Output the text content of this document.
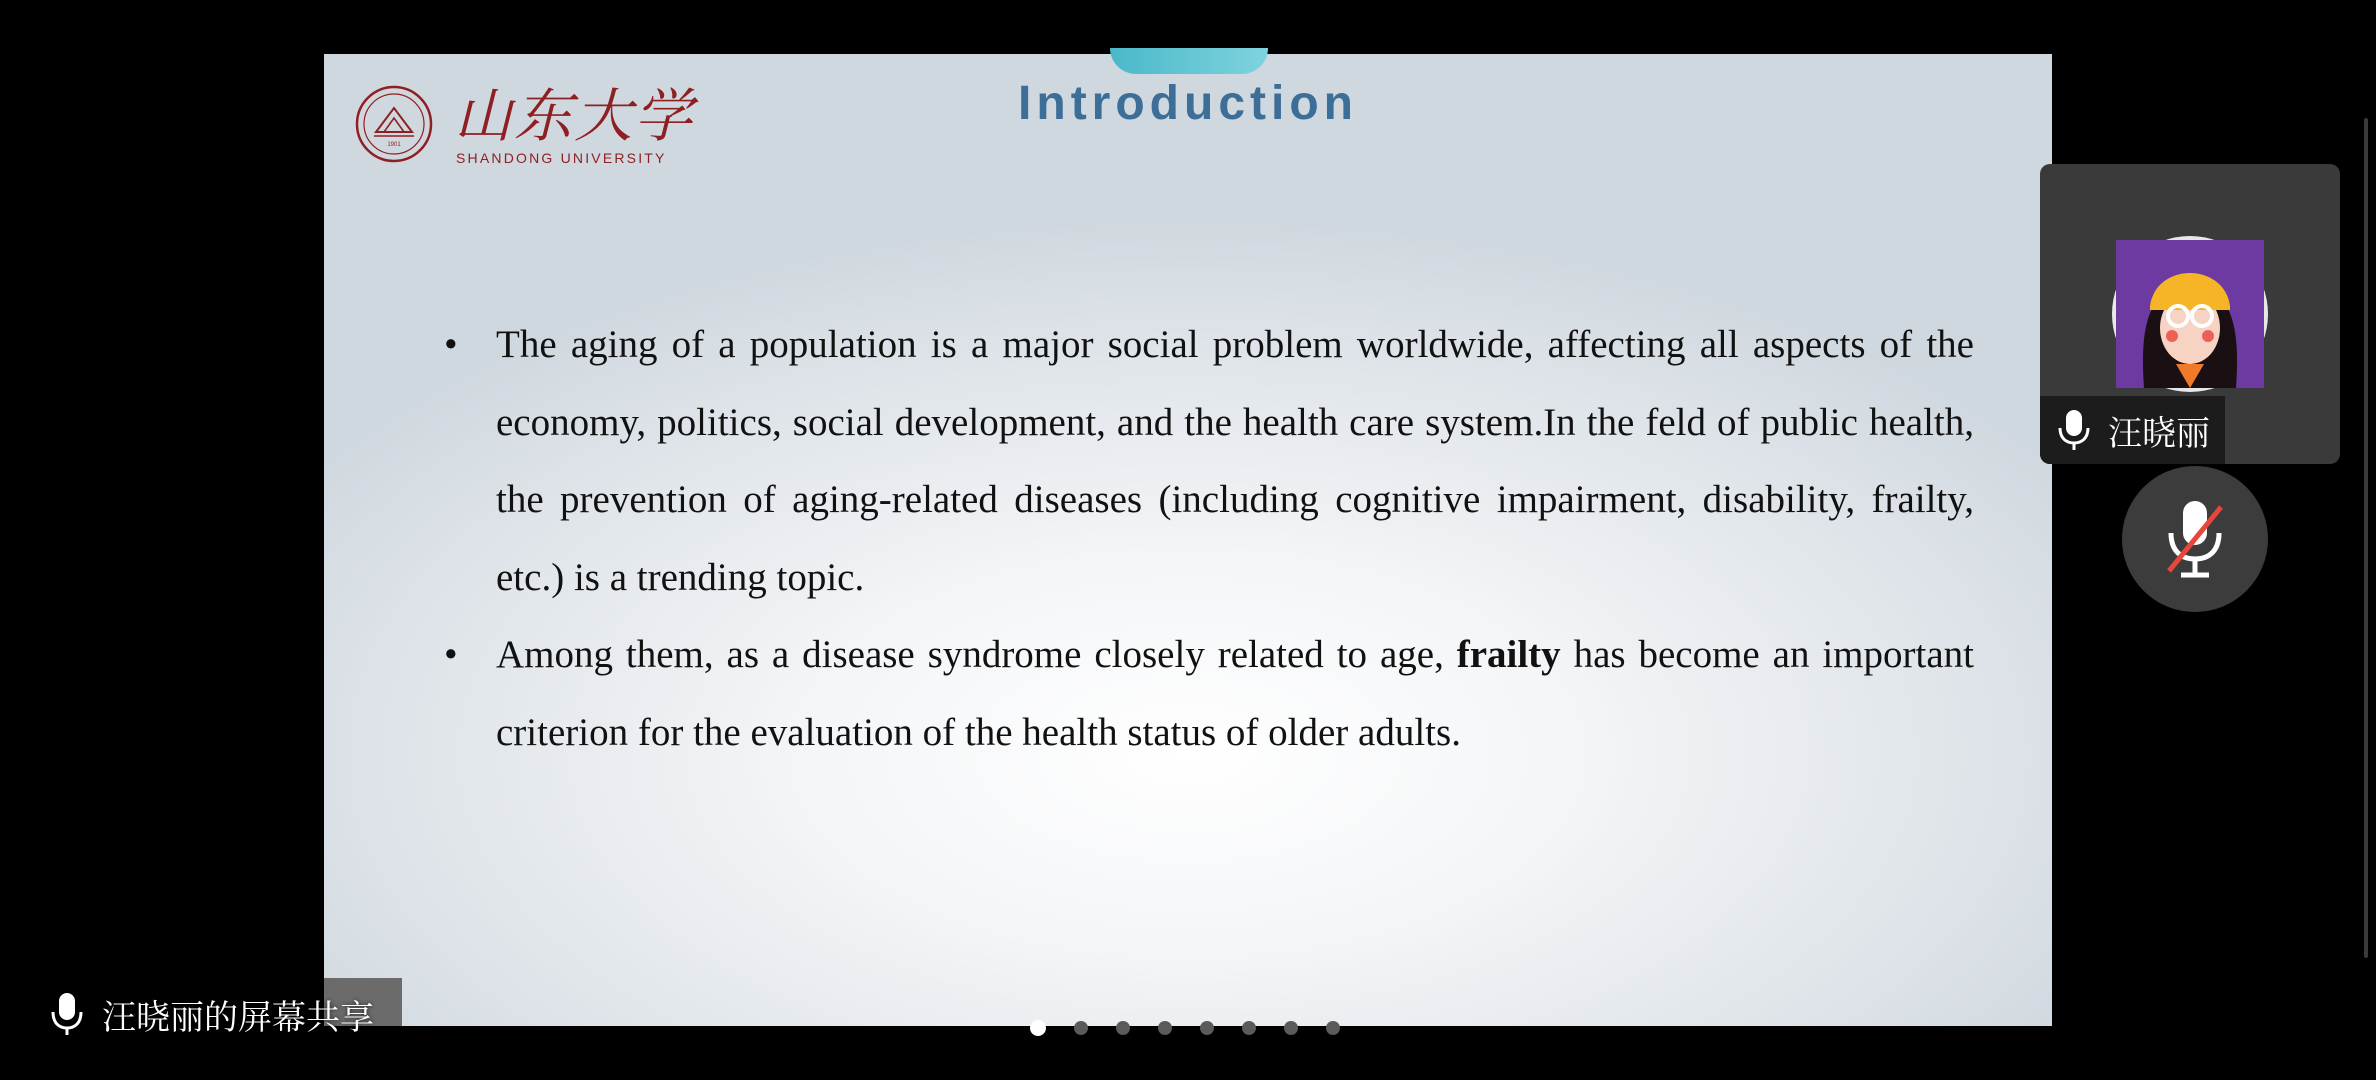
1901 山东大学
SHANDONG UNIVERSITY
Introduction
• The aging of a population is a major social problem worldwide, affecting all aspects of the economy, politics, social development, and the health care system.In the feld of public health, the prevention of aging-related diseases (including cognitive impairment, disability, frailty, etc.) is a trending topic.
• Among them, as a disease syndrome closely related to age, frailty has become an important criterion for the evaluation of the health status of older adults.
汪晓丽
汪晓丽的屏幕共享
